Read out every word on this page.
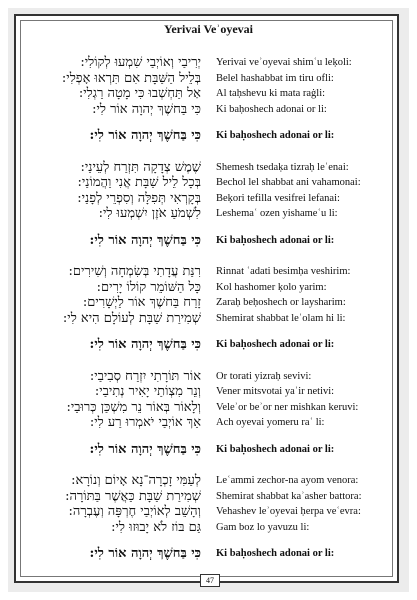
Yerivai Veʾoyevai
יְרִיבַי וְאוֹיְבַי שִׁמְעוּ לְקוֹלִי: Yerivai veʾoyevai shimʿu leḳoli:
בְּלֵיל הַשַּׁבָּת אִם תִּרְאוּ אָפְלִי: Belel hashabbat im tiru ofli:
אַל תַּחְשְׁבוּ כִּי מָטָה רַגְלִי: Al taḥshevu ki mata raġli:
כִּי בַּחשֶׁךְ יְהוָה אוֹר לִי: Ki baḥoshech adonai or li:
כִּי בַּחשֶׁךְ יְהוָה אוֹר לִי: Ki baḥoshech adonai or li:
שֶׁמֶשׁ צְדָקָה תִּזְרַח לְעֵינַי: Shemesh tsedaḳa tizraḥ leʿenai:
בְּכָל לֵיל שַׁבָּת אֲנִי וַהֲמוֹנַי: Bechol lel shabbat ani vahamonai:
בְּקָרְאִי תְּפִלָּה וְסִפְרֵי לְפָנַי: Beḳori tefilla vesifrei lefanai:
לִשְׁמֹעַ אֹזֶן יִשְׁמְעוּ לִי: Leshemaʿ ozen yishameʿu li:
כִּי בַּחשֶׁךְ יְהוָה אוֹר לִי: Ki baḥoshech adonai or li:
רִנַּת עֲדָתִי בְּשִׂמְחָה וְשִׁירִים: Rinnat ʿadati besimḥa veshirim:
כָּל הַשּׁוֹמֵר קוֹלוֹ יָרִים: Kol hashomer ḳolo yarim:
זָרַח בַּחשֶׁךְ אוֹר לַיְשָׁרִים: Zaraḥ beḥoshech or laysharim:
שְׁמִירַת שַׁבָּת לְעוֹלָם הִיא לִי: Shemirat shabbat leʿolam hi li:
כִּי בַּחשֶׁךְ יְהוָה אוֹר לִי: Ki baḥoshech adonai or li:
אוֹר תּוֹרָתִי יִזְרַח סְבִיבַי: Or torati yizraḥ sevivi:
וְנֵר מִצְוֹתַי יָאִיר נְתִיבַי: Vener mitsvotai yaʾir netivi:
וְלָאוֹר בְּאוֹר נֵר מִשְׁכַּן כְּרוּבַי: Veleʾor beʾor ner mishkan keruvi:
אַךְ אוֹיְבַי יֹאמְרוּ רַע לִי: Ach oyevai yomeru raʿ li:
כִּי בַּחשֶׁךְ יְהוָה אוֹר לִי: Ki baḥoshech adonai or li:
לְעַמִּי זָכְרָה־נָא אָיוֹם וְנוֹרָא: Leʿammi zechor-na ayom venora:
שְׁמִירַת שַׁבָּת כַּאֲשֶׁר בַּתּוֹרָה: Shemirat shabbat kaʾasher battora:
וְהָשֵׁב לְאוֹיְבַי חֶרְפָּה וְעֶבְרָה: Vehashev leʾoyevai ḥerpa veʿevra:
גַּם בּוֹז לֹא יָבוּזוּ לִי: Gam boz lo yavuzu li:
כִּי בַּחשֶׁךְ יְהוָה אוֹר לִי: Ki baḥoshech adonai or li:
47
